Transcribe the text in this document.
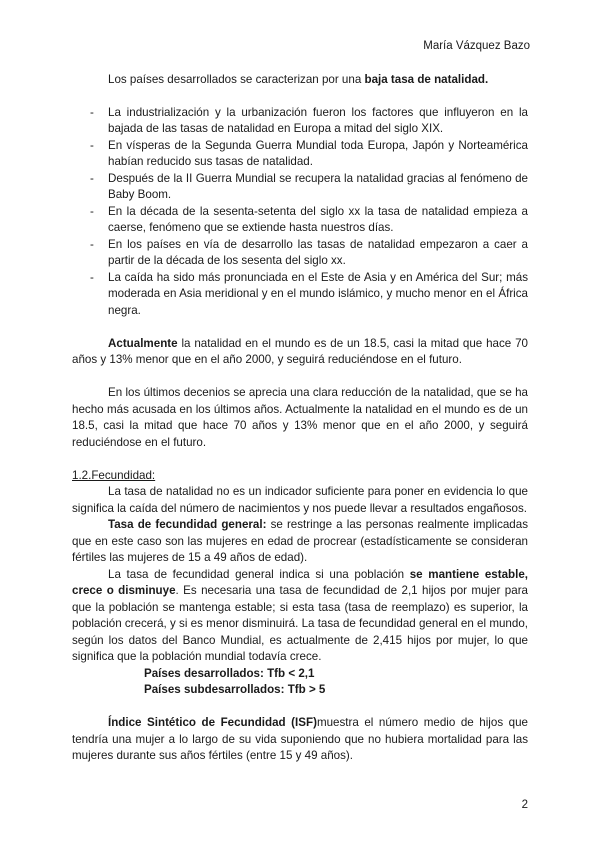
María Vázquez Bazo

Los países desarrollados se caracterizan por una baja tasa de natalidad.

- La industrialización y la urbanización fueron los factores que influyeron en la bajada de las tasas de natalidad en Europa a mitad del siglo XIX.
- En vísperas de la Segunda Guerra Mundial toda Europa, Japón y Norteamérica habían reducido sus tasas de natalidad.
- Después de la II Guerra Mundial se recupera la natalidad gracias al fenómeno de Baby Boom.
- En la década de la sesenta-setenta del siglo xx la tasa de natalidad empieza a caerse, fenómeno que se extiende hasta nuestros días.
- En los países en vía de desarrollo las tasas de natalidad empezaron a caer a partir de la década de los sesenta del siglo xx.
- La caída ha sido más pronunciada en el Este de Asia y en América del Sur; más moderada en Asia meridional y en el mundo islámico, y mucho menor en el África negra.

Actualmente la natalidad en el mundo es de un 18.5, casi la mitad que hace 70 años y 13% menor que en el año 2000, y seguirá reduciéndose en el futuro.

En los últimos decenios se aprecia una clara reducción de la natalidad, que se ha hecho más acusada en los últimos años. Actualmente la natalidad en el mundo es de un 18.5, casi la mitad que hace 70 años y 13% menor que en el año 2000, y seguirá reduciéndose en el futuro.

1.2.Fecundidad:

La tasa de natalidad no es un indicador suficiente para poner en evidencia lo que significa la caída del número de nacimientos y nos puede llevar a resultados engañosos.

Tasa de fecundidad general: se restringe a las personas realmente implicadas que en este caso son las mujeres en edad de procrear (estadísticamente se consideran fértiles las mujeres de 15 a 49 años de edad).

La tasa de fecundidad general indica si una población se mantiene estable, crece o disminuye. Es necesaria una tasa de fecundidad de 2,1 hijos por mujer para que la población se mantenga estable; si esta tasa (tasa de reemplazo) es superior, la población crecerá, y si es menor disminuirá. La tasa de fecundidad general en el mundo, según los datos del Banco Mundial, es actualmente de 2,415 hijos por mujer, lo que significa que la población mundial todavía crece.

Países desarrollados: Tfb < 2,1

Países subdesarrollados: Tfb > 5

Índice Sintético de Fecundidad (ISF)muestra el número medio de hijos que tendría una mujer a lo largo de su vida suponiendo que no hubiera mortalidad para las mujeres durante sus años fértiles (entre 15 y 49 años).

2
